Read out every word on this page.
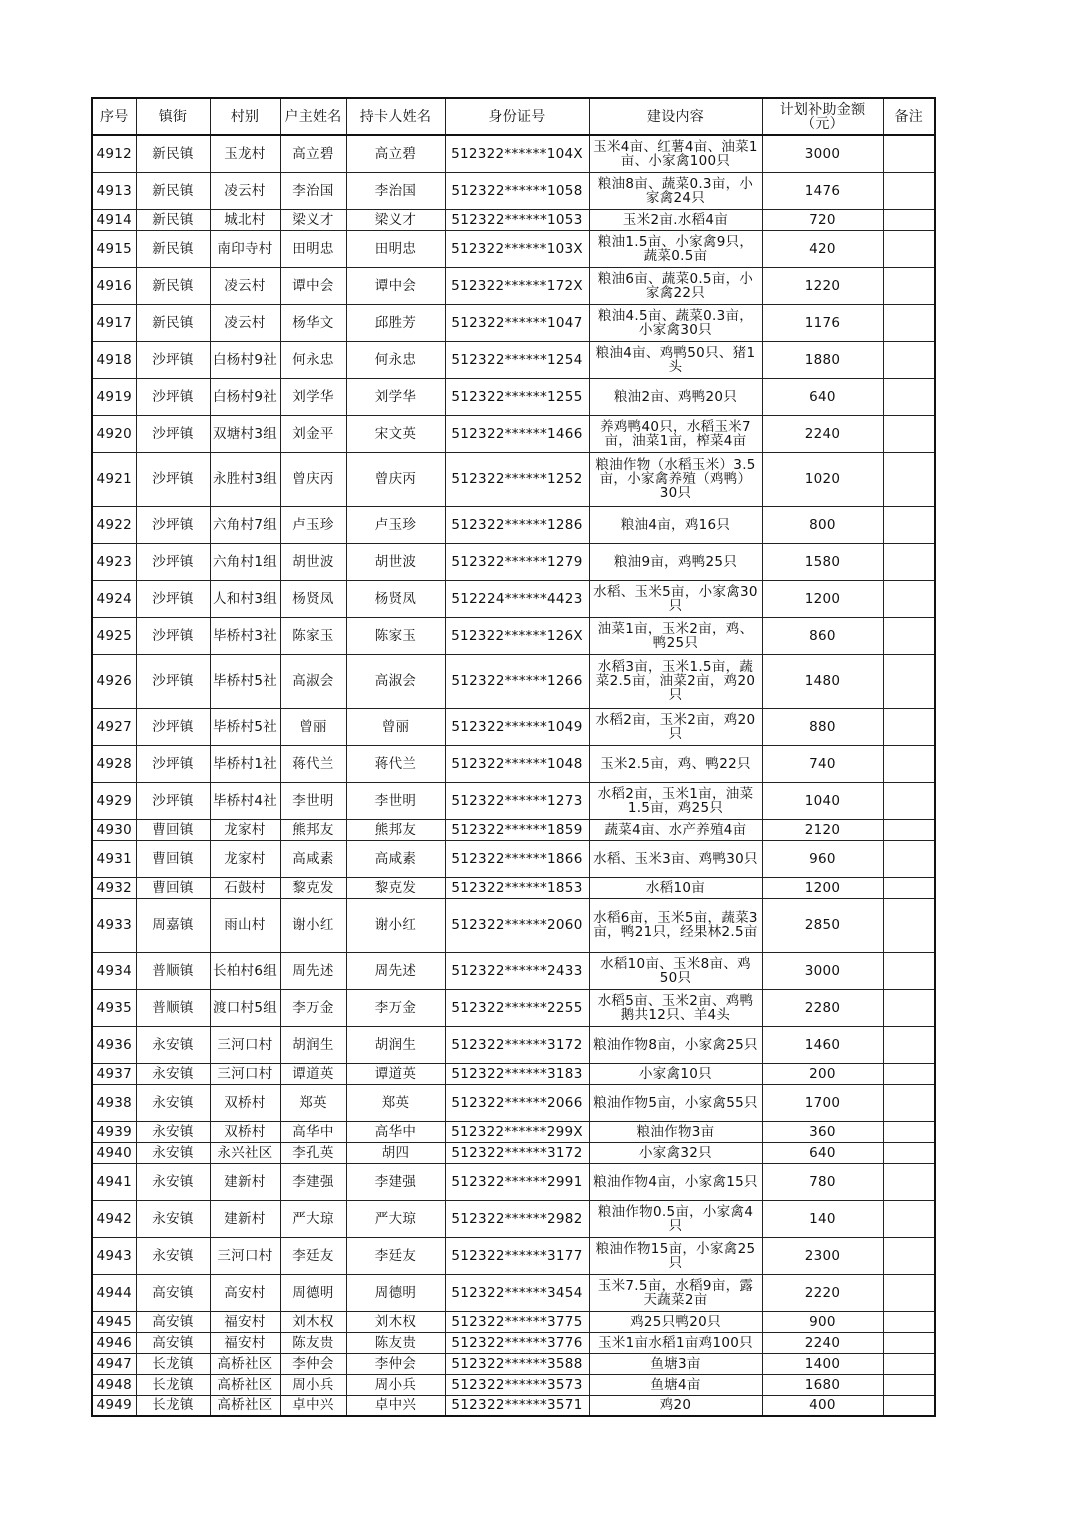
序号	镇街	村别	户主姓名	持卡人姓名	身份证号	建设内容	计划补助金额（元）	备注
4912	新民镇	玉龙村	高立碧	高立碧	512322******104X	玉米4亩、红薯4亩、油菜1亩、小家禽100只	3000	
4913	新民镇	凌云村	李治国	李治国	512322******1058	粮油8亩、蔬菜0.3亩，小家禽24只	1476	
4914	新民镇	城北村	梁义才	梁义才	512322******1053	玉米2亩.水稻4亩	720	
4915	新民镇	南印寺村	田明忠	田明忠	512322******103X	粮油1.5亩、小家禽9只，蔬菜0.5亩	420	
4916	新民镇	凌云村	谭中会	谭中会	512322******172X	粮油6亩、蔬菜0.5亩，小家禽22只	1220	
4917	新民镇	凌云村	杨华文	邱胜芳	512322******1047	粮油4.5亩、蔬菜0.3亩，小家禽30只	1176	
4918	沙坪镇	白杨村9社	何永忠	何永忠	512322******1254	粮油4亩、鸡鸭50只、猪1头	1880	
4919	沙坪镇	白杨村9社	刘学华	刘学华	512322******1255	粮油2亩、鸡鸭20只	640	
4920	沙坪镇	双塘村3组	刘金平	宋文英	512322******1466	养鸡鸭40只，水稻玉米7亩，油菜1亩，榨菜4亩	2240	
4921	沙坪镇	永胜村3组	曾庆丙	曾庆丙	512322******1252	粮油作物（水稻玉米）3.5亩，小家禽养殖（鸡鸭）30只	1020	
4922	沙坪镇	六角村7组	卢玉珍	卢玉珍	512322******1286	粮油4亩，鸡16只	800	
4923	沙坪镇	六角村1组	胡世波	胡世波	512322******1279	粮油9亩，鸡鸭25只	1580	
4924	沙坪镇	人和村3组	杨贤凤	杨贤凤	512224******4423	水稻、玉米5亩，小家禽30只	1200	
4925	沙坪镇	毕桥村3社	陈家玉	陈家玉	512322******126X	油菜1亩，玉米2亩，鸡、鸭25只	860	
4926	沙坪镇	毕桥村5社	高淑会	高淑会	512322******1266	水稻3亩，玉米1.5亩，蔬菜2.5亩，油菜2亩，鸡20只	1480	
4927	沙坪镇	毕桥村5社	曾丽	曾丽	512322******1049	水稻2亩，玉米2亩，鸡20只	880	
4928	沙坪镇	毕桥村1社	蒋代兰	蒋代兰	512322******1048	玉米2.5亩，鸡、鸭22只	740	
4929	沙坪镇	毕桥村4社	李世明	李世明	512322******1273	水稻2亩，玉米1亩，油菜1.5亩，鸡25只	1040	
4930	曹回镇	龙家村	熊邦友	熊邦友	512322******1859	蔬菜4亩、水产养殖4亩	2120	
4931	曹回镇	龙家村	高咸素	高咸素	512322******1866	水稻、玉米3亩、鸡鸭30只	960	
4932	曹回镇	石鼓村	黎克发	黎克发	512322******1853	水稻10亩	1200	
4933	周嘉镇	雨山村	谢小红	谢小红	512322******2060	水稻6亩，玉米5亩，蔬菜3亩，鸭21只，经果林2.5亩	2850	
4934	普顺镇	长柏村6组	周先述	周先述	512322******2433	水稻10亩、玉米8亩、鸡50只	3000	
4935	普顺镇	渡口村5组	李万金	李万金	512322******2255	水稻5亩、玉米2亩、鸡鸭鹅共12只、羊4头	2280	
4936	永安镇	三河口村	胡润生	胡润生	512322******3172	粮油作物8亩，小家禽25只	1460	
4937	永安镇	三河口村	谭道英	谭道英	512322******3183	小家禽10只	200	
4938	永安镇	双桥村	郑英	郑英	512322******2066	粮油作物5亩，小家禽55只	1700	
4939	永安镇	双桥村	高华中	高华中	512322******299X	粮油作物3亩	360	
4940	永安镇	永兴社区	李孔英	胡四	512322******3172	小家禽32只	640	
4941	永安镇	建新村	李建强	李建强	512322******2991	粮油作物4亩，小家禽15只	780	
4942	永安镇	建新村	严大琼	严大琼	512322******2982	粮油作物0.5亩，小家禽4只	140	
4943	永安镇	三河口村	李廷友	李廷友	512322******3177	粮油作物15亩，小家禽25只	2300	
4944	高安镇	高安村	周德明	周德明	512322******3454	玉米7.5亩，水稻9亩，露天蔬菜2亩	2220	
4945	高安镇	福安村	刘木权	刘木权	512322******3775	鸡25只鸭20只	900	
4946	高安镇	福安村	陈友贵	陈友贵	512322******3776	玉米1亩水稻1亩鸡100只	2240	
4947	长龙镇	高桥社区	李仲会	李仲会	512322******3588	鱼塘3亩	1400	
4948	长龙镇	高桥社区	周小兵	周小兵	512322******3573	鱼塘4亩	1680	
4949	长龙镇	高桥社区	卓中兴	卓中兴	512322******3571	鸡20	400	
